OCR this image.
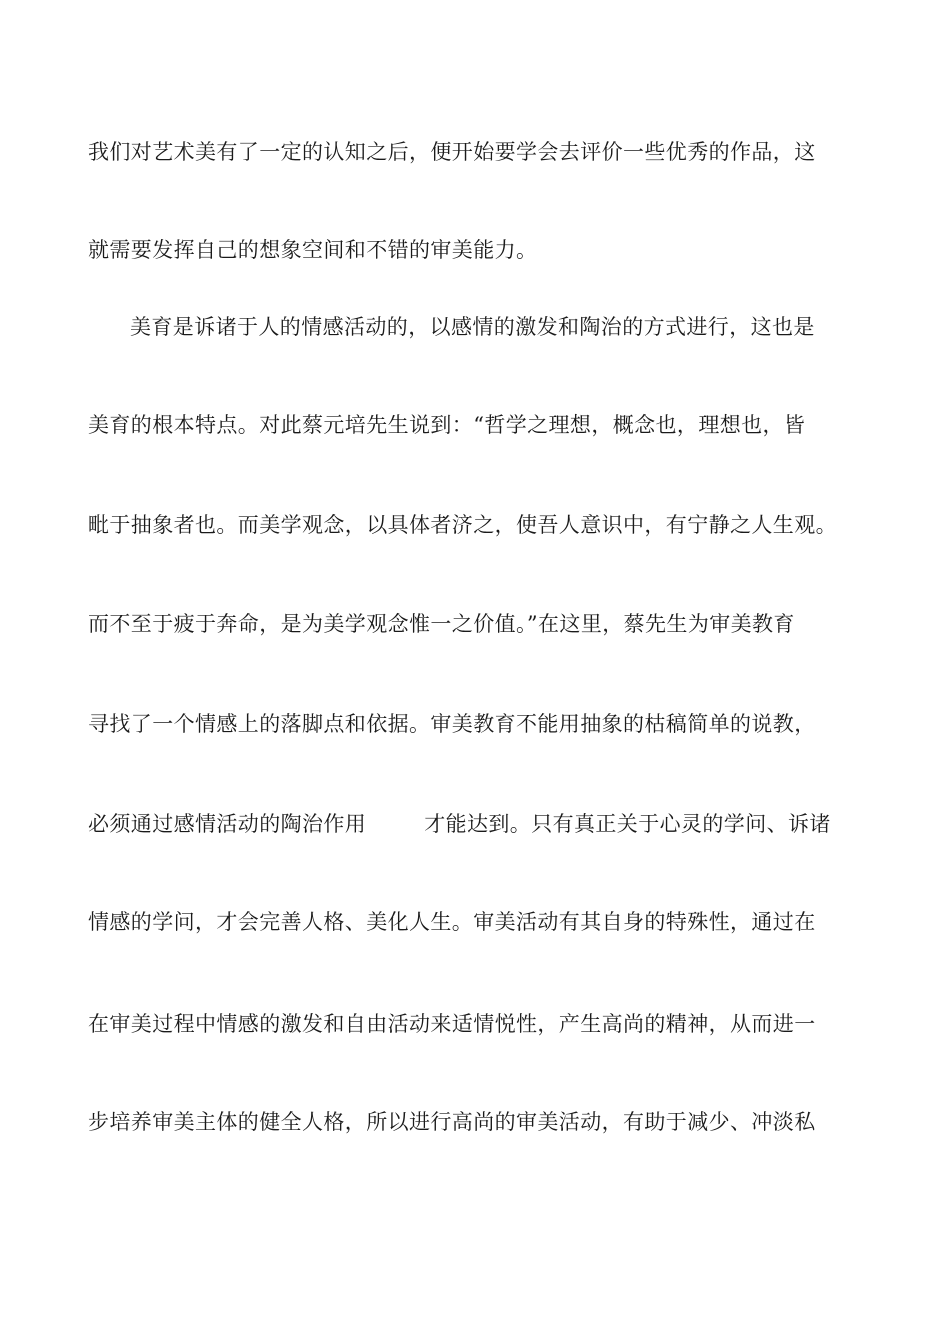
我们对艺术美有了一定的认知之后，便开始要学会去评价一些优秀的作品，这
就需要发挥自己的想象空间和不错的审美能力。
美育是诉诸于人的情感活动的，以感情的激发和陶治的方式进行，这也是
美育的根本特点。对此蔡元培先生说到：“哲学之理想，概念也，理想也，皆
毗于抽象者也。而美学观念，以具体者济之，使吾人意识中，有宁静之人生观。
而不至于疲于奔命，是为美学观念惟一之价值。”在这里，蔡先生为审美教育
寻找了一个情感上的落脚点和依据。审美教育不能用抽象的枯稿简单的说教，
必须通过感情活动的陶治作用	才能达到。只有真正关于心灵的学问、诉诸
情感的学问，才会完善人格、美化人生。审美活动有其自身的特殊性，通过在
在审美过程中情感的激发和自由活动来适情悦性，产生高尚的精神，从而进一
步培养审美主体的健全人格，所以进行高尚的审美活动，有助于减少、冲淡私
